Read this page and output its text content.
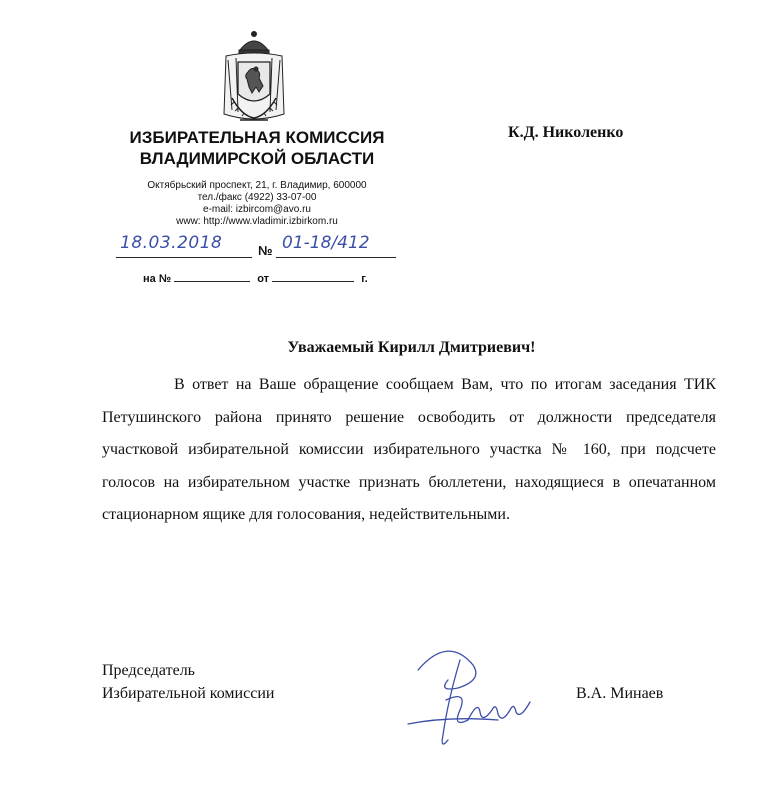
ИЗБИРАТЕЛЬНАЯ КОМИССИЯ
ВЛАДИМИРСКОЙ ОБЛАСТИ
Октябрьский проспект, 21, г. Владимир, 600000
тел./факс (4922) 33-07-00
e-mail: izbircom@avo.ru
www: http://www.vladimir.izbirkom.ru
К.Д. Николенко
18.03.2018	№ 01-18/412
на №	от	г.
Уважаемый Кирилл Дмитриевич!
В ответ на Ваше обращение сообщаем Вам, что по итогам заседания ТИК Петушинского района принято решение освободить от должности председателя участковой избирательной комиссии избирательного участка № 160, при подсчете голосов на избирательном участке признать бюллетени, находящиеся в опечатанном стационарном ящике для голосования, недействительными.
Председатель
Избирательной комиссии	В.А. Минаев
